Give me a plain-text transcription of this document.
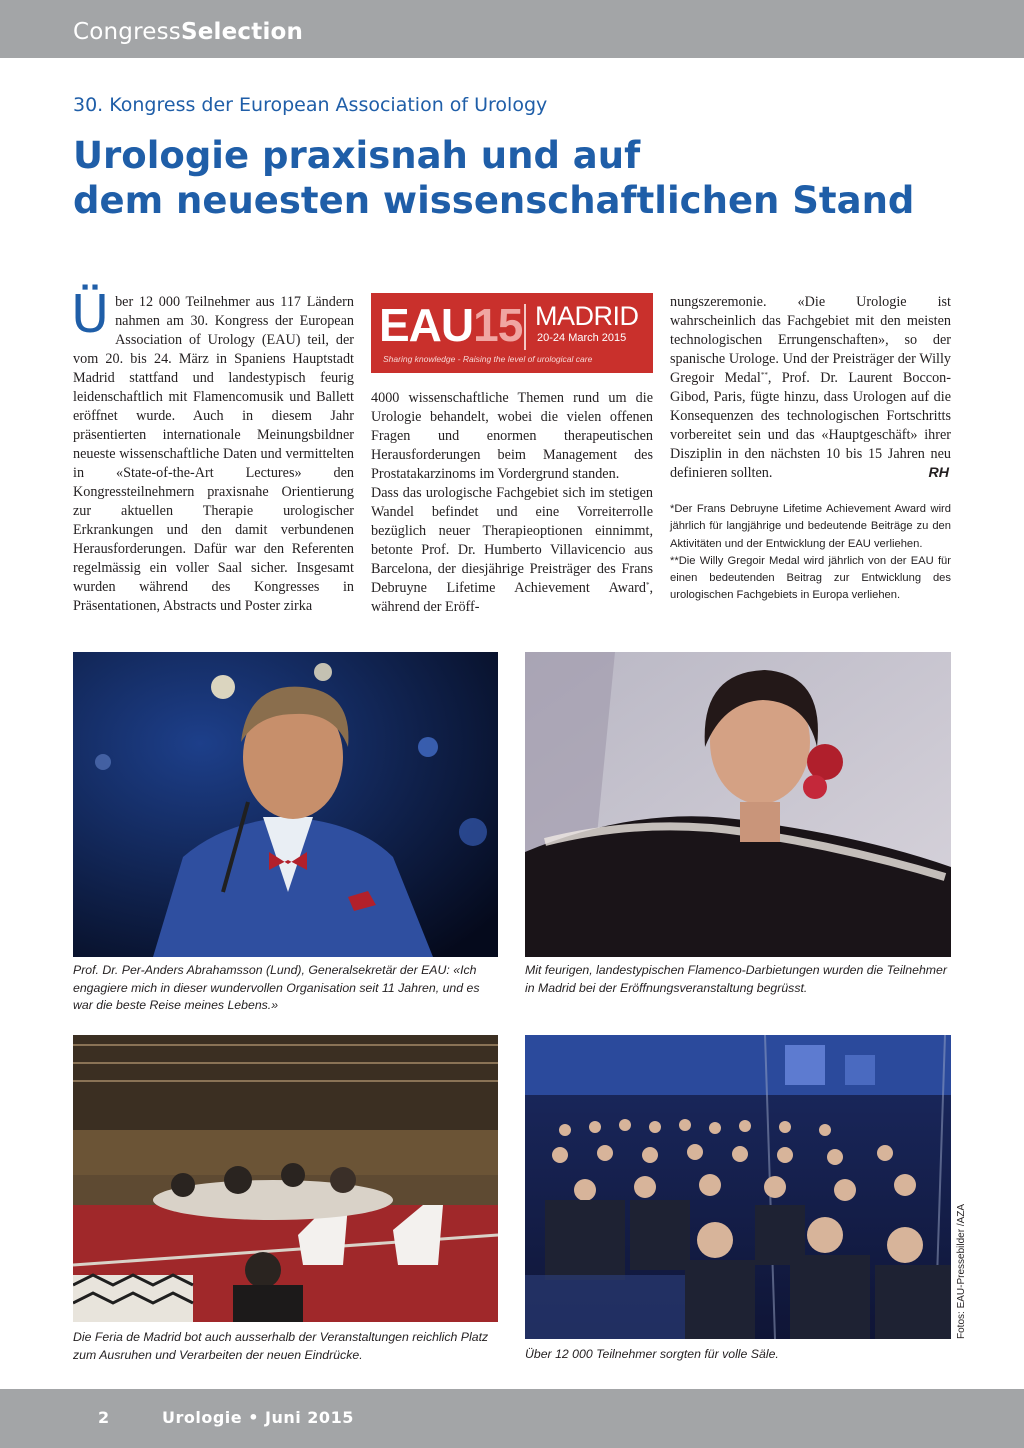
CongressSelection
30. Kongress der European Association of Urology
Urologie praxisnah und auf
dem neuesten wissenschaftlichen Stand
Über 12 000 Teilnehmer aus 117 Ländern nahmen am 30. Kongress der European Association of Urology (EAU) teil, der vom 20. bis 24. März in Spaniens Hauptstadt Madrid stattfand und landestypisch feurig leidenschaftlich mit Flamencomusik und Ballett eröffnet wurde. Auch in diesem Jahr präsentierten internationale Meinungsbildner neueste wissenschaftliche Daten und vermittelten in «State-of-the-Art Lectures» den Kongressteilnehmern praxisnahe Orientierung zur aktuellen Therapie urologischer Erkrankungen und den damit verbundenen Herausforderungen. Dafür war den Referenten regelmässig ein voller Saal sicher. Insgesamt wurden während des Kongresses in Präsentationen, Abstracts und Poster zirka

EAU15 MADRID
20-24 March 2015
Sharing knowledge - Raising the level of urological care

4000 wissenschaftliche Themen rund um die Urologie behandelt, wobei die vielen offenen Fragen und enormen therapeutischen Herausforderungen beim Management des Prostatakarzinoms im Vordergrund standen.

Dass das urologische Fachgebiet sich im stetigen Wandel befindet und eine Vorreiterrolle bezüglich neuer Therapieoptionen einnimmt, betonte Prof. Dr. Humberto Villavicencio aus Barcelona, der diesjährige Preisträger des Frans Debruyne Lifetime Achievement Award*, während der Eröff-

nungszeremonie. «Die Urologie ist wahrscheinlich das Fachgebiet mit den meisten technologischen Errungenschaften», so der spanische Urologe. Und der Preisträger der Willy Gregoir Medal**, Prof. Dr. Laurent Boccon-Gibod, Paris, fügte hinzu, dass Urologen auf die Konsequenzen des technologischen Fortschritts vorbereitet sein und das «Hauptgeschäft» ihrer Disziplin in den nächsten 10 bis 15 Jahren neu definieren sollten.	RH

*Der Frans Debruyne Lifetime Achievement Award wird jährlich für langjährige und bedeutende Beiträge zu den Aktivitäten und der Entwicklung der EAU verliehen.

**Die Willy Gregoir Medal wird jährlich von der EAU für einen bedeutenden Beitrag zur Entwicklung des urologischen Fachgebiets in Europa verliehen.

Prof. Dr. Per-Anders Abrahamsson (Lund), Generalsekretär der EAU: «Ich engagiere mich in dieser wundervollen Organisation seit 11 Jahren, und es war die beste Reise meines Lebens.»
Mit feurigen, landestypischen Flamenco-Darbietungen wurden die Teilnehmer in Madrid bei der Eröffnungsveranstaltung begrüsst.
Die Feria de Madrid bot auch ausserhalb der Veranstaltungen reichlich Platz zum Ausruhen und Verarbeiten der neuen Eindrücke.	Über 12 000 Teilnehmer sorgten für volle Säle.
Fotos: EAU-Pressebilder /AZA
2	Urologie • Juni 2015
